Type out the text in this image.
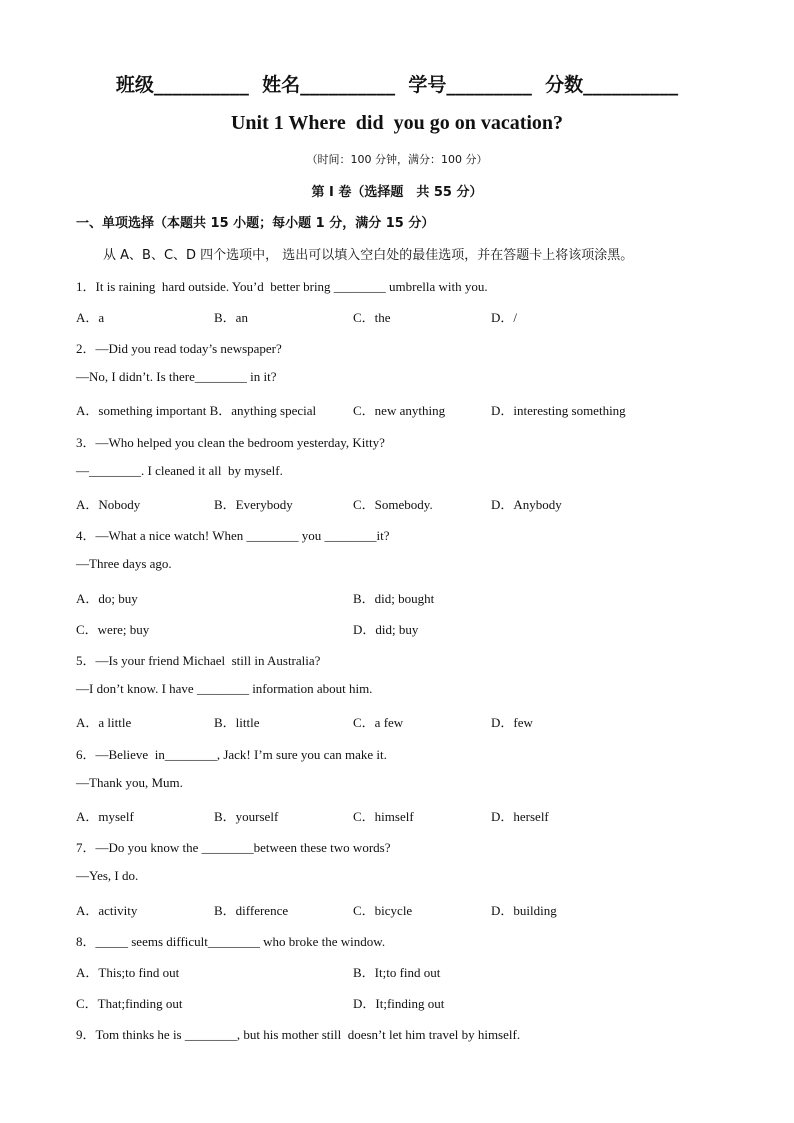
班级__________  姓名__________  学号_________  分数__________
Unit 1 Where  did  you go on vacation?
（时间：100 分钟，满分：100 分）
第 I 卷（选择题　共 55 分）
一、单项选择（本题共 15 小题；每小题 1 分，满分 15 分）
从 A、B、C、D 四个选项中， 选出可以填入空白处的最佳选项，并在答题卡上将该项涂黑。
1．It is raining  hard outside. You’d  better bring ________ umbrella with you.
A．a	B．an	C．the	D．/
2．—Did you read today’s newspaper?
—No, I didn’t. Is there________ in it?
A．something important B．anything special	C．new anything	D．interesting something
3．—Who helped you clean the bedroom yesterday, Kitty?
—________. I cleaned it all  by myself.
A．Nobody	B．Everybody	C．Somebody.	D．Anybody
4．—What a nice watch! When ________ you ________it?
—Three days ago.
A．do; buy	B．did; bought
C．were; buy	D．did; buy
5．—Is your friend Michael  still in Australia?
—I don’t know. I have ________ information about him.
A．a little	B．little	C．a few	D．few
6．—Believe  in________, Jack! I’m sure you can make it.
—Thank you, Mum.
A．myself	B．yourself	C．himself	D．herself
7．—Do you know the ________between these two words?
—Yes, I do.
A．activity	B．difference	C．bicycle	D．building
8．_____ seems difficult________ who broke the window.
A．This;to find out	B．It;to find out
C．That;finding out	D．It;finding out
9．Tom thinks he is ________, but his mother still  doesn’t let him travel by himself.
